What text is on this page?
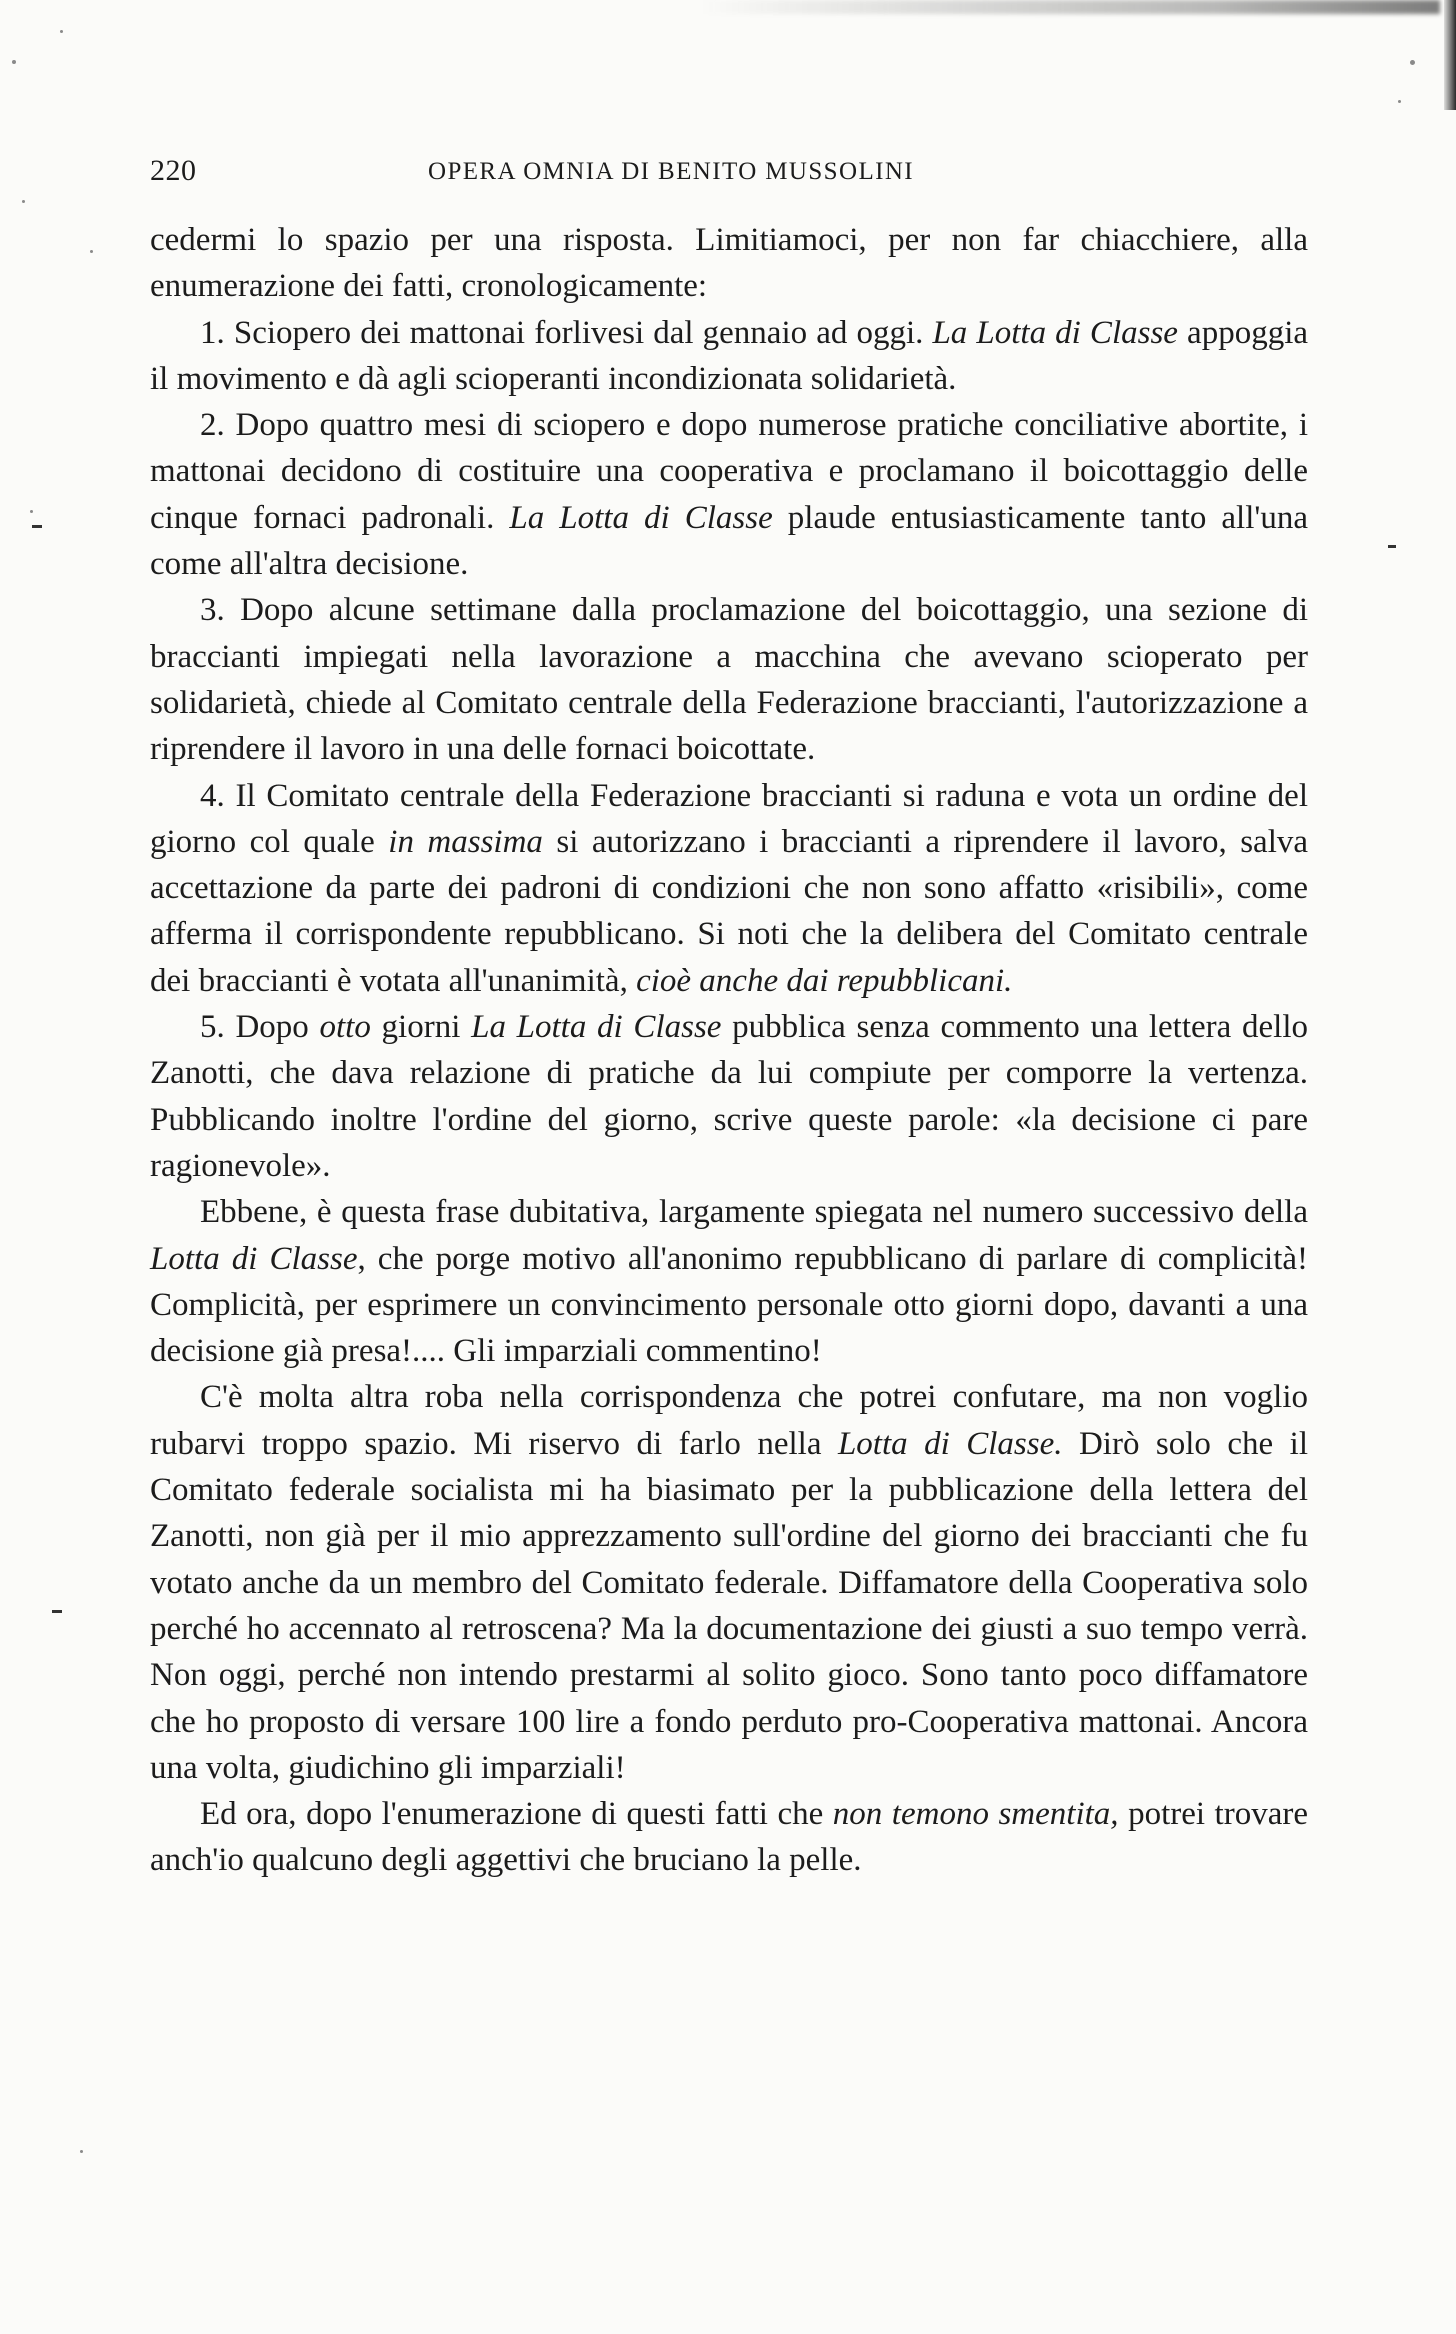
220	OPERA OMNIA DI BENITO MUSSOLINI

cedermi lo spazio per una risposta. Limitiamoci, per non far chiacchiere, alla enumerazione dei fatti, cronologicamente:

1. Sciopero dei mattonai forlivesi dal gennaio ad oggi. La Lotta di Classe appoggia il movimento e dà agli scioperanti incondizionata solidarietà.

2. Dopo quattro mesi di sciopero e dopo numerose pratiche conciliative abortite, i mattonai decidono di costituire una cooperativa e proclamano il boicottaggio delle cinque fornaci padronali. La Lotta di Classe plaude entusiasticamente tanto all'una come all'altra decisione.

3. Dopo alcune settimane dalla proclamazione del boicottaggio, una sezione di braccianti impiegati nella lavorazione a macchina che avevano scioperato per solidarietà, chiede al Comitato centrale della Federazione braccianti, l'autorizzazione a riprendere il lavoro in una delle fornaci boicottate.

4. Il Comitato centrale della Federazione braccianti si raduna e vota un ordine del giorno col quale in massima si autorizzano i braccianti a riprendere il lavoro, salva accettazione da parte dei padroni di condizioni che non sono affatto «risibili», come afferma il corrispondente repubblicano. Si noti che la delibera del Comitato centrale dei braccianti è votata all'unanimità, cioè anche dai repubblicani.

5. Dopo otto giorni La Lotta di Classe pubblica senza commento una lettera dello Zanotti, che dava relazione di pratiche da lui compiute per comporre la vertenza. Pubblicando inoltre l'ordine del giorno, scrive queste parole: «la decisione ci pare ragionevole».

Ebbene, è questa frase dubitativa, largamente spiegata nel numero successivo della Lotta di Classe, che porge motivo all'anonimo repubblicano di parlare di complicità! Complicità, per esprimere un convincimento personale otto giorni dopo, davanti a una decisione già presa!.... Gli imparziali commentino!

C'è molta altra roba nella corrispondenza che potrei confutare, ma non voglio rubarvi troppo spazio. Mi riservo di farlo nella Lotta di Classe. Dirò solo che il Comitato federale socialista mi ha biasimato per la pubblicazione della lettera del Zanotti, non già per il mio apprezzamento sull'ordine del giorno dei braccianti che fu votato anche da un membro del Comitato federale. Diffamatore della Cooperativa solo perché ho accennato al retroscena? Ma la documentazione dei giusti a suo tempo verrà. Non oggi, perché non intendo prestarmi al solito gioco. Sono tanto poco diffamatore che ho proposto di versare 100 lire a fondo perduto pro-Cooperativa mattonai. Ancora una volta, giudichino gli imparziali!

Ed ora, dopo l'enumerazione di questi fatti che non temono smentita, potrei trovare anch'io qualcuno degli aggettivi che bruciano la pelle.
